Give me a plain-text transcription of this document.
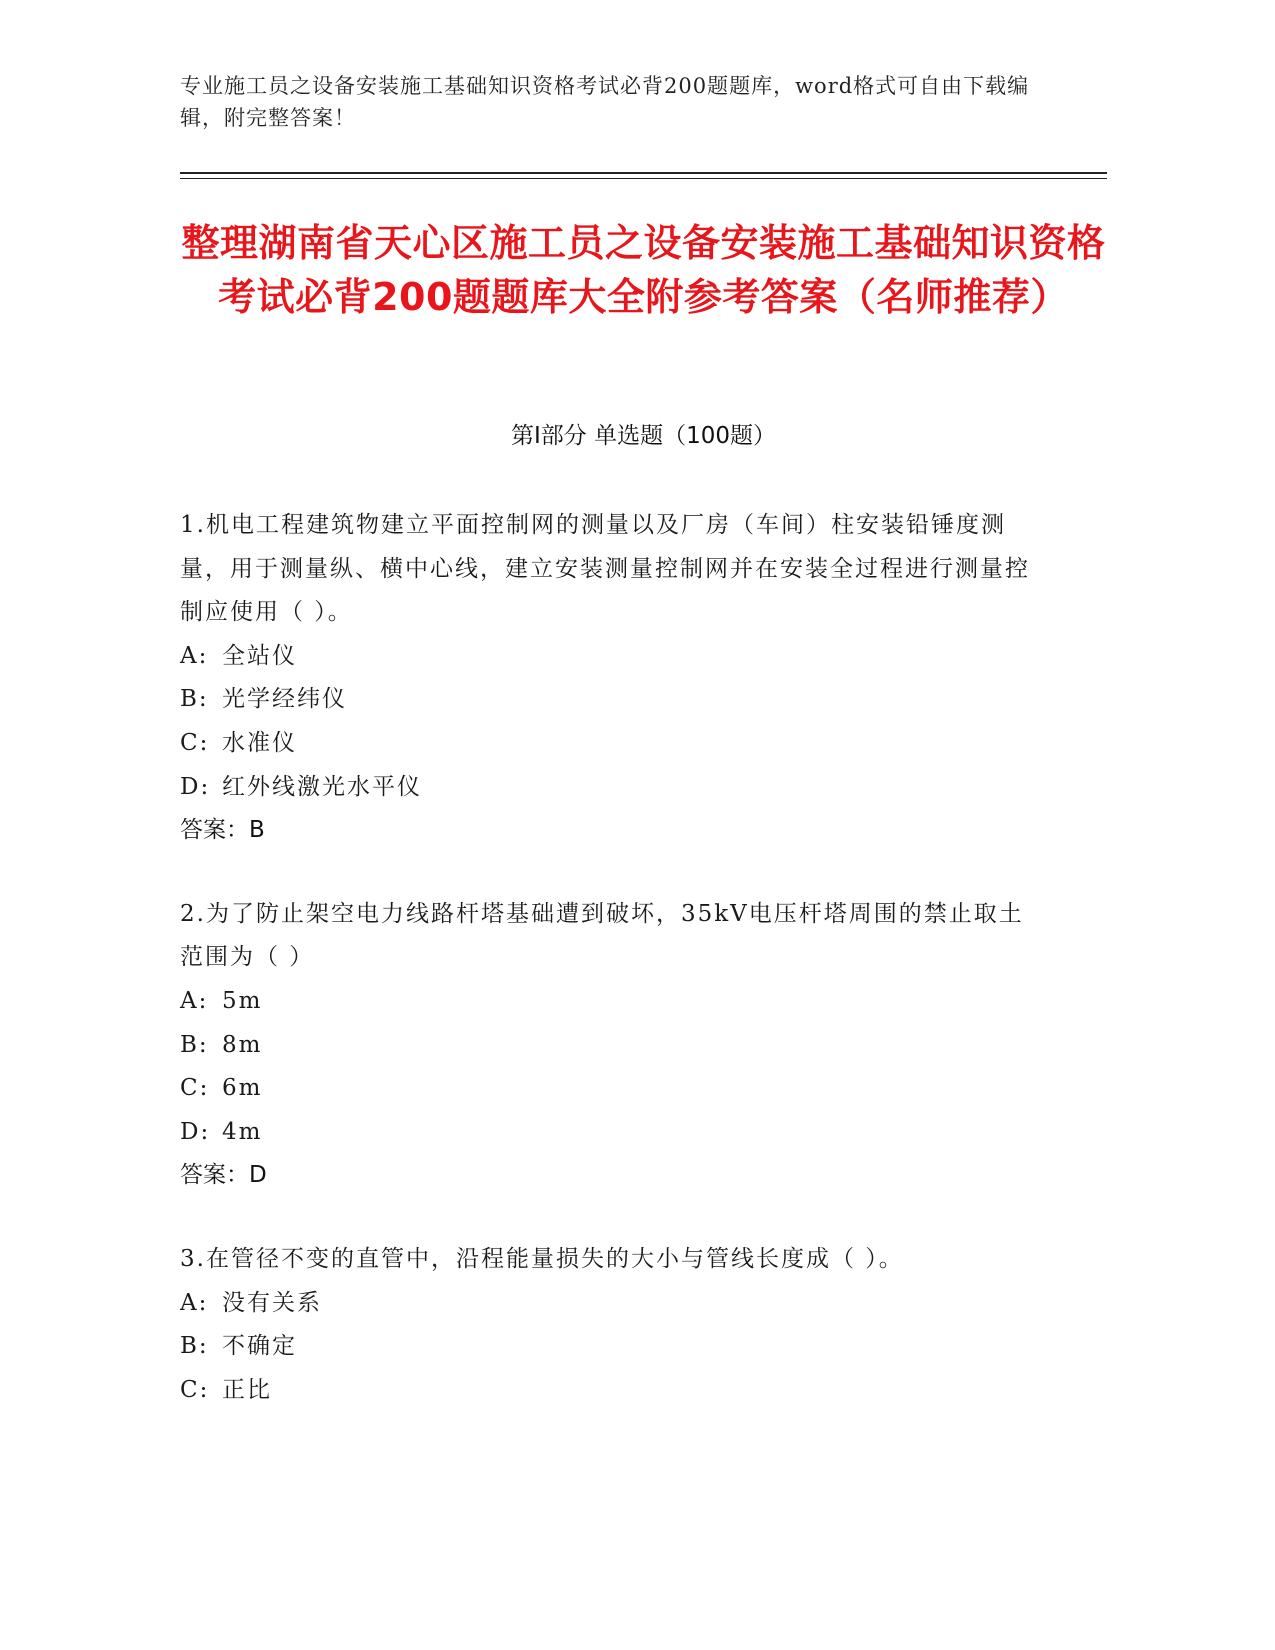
专业施工员之设备安装施工基础知识资格考试必背200题题库，word格式可自由下载编辑，附完整答案！
整理湖南省天心区施工员之设备安装施工基础知识资格考试必背200题题库大全附参考答案（名师推荐）
第Ⅰ部分 单选题（100题）

1.机电工程建筑物建立平面控制网的测量以及厂房（车间）柱安装铅锤度测量，用于测量纵、横中心线，建立安装测量控制网并在安装全过程进行测量控制应使用（ ）。

A: 全站仪
B: 光学经纬仪
C: 水准仪
D: 红外线激光水平仪

答案：B

2.为了防止架空电力线路杆塔基础遭到破坏，35kV电压杆塔周围的禁止取土范围为（ ）

A: 5m
B: 8m
C: 6m
D: 4m

答案：D

3.在管径不变的直管中，沿程能量损失的大小与管线长度成（ ）。

A: 没有关系
B: 不确定
C: 正比
